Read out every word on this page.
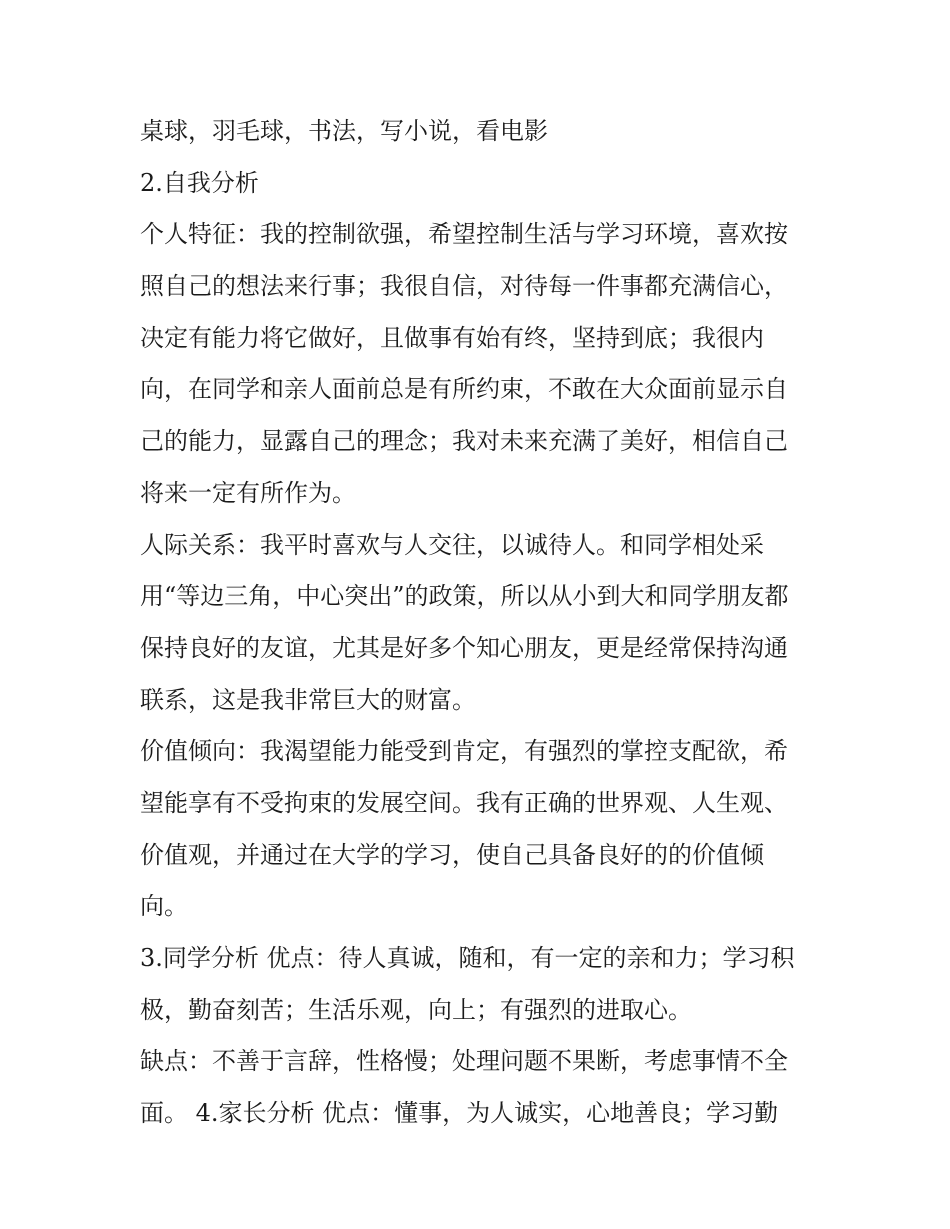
桌球，羽毛球，书法，写小说，看电影
2.自我分析
个人特征：我的控制欲强，希望控制生活与学习环境，喜欢按
照自己的想法来行事；我很自信，对待每一件事都充满信心，
决定有能力将它做好，且做事有始有终，坚持到底；我很内
向，在同学和亲人面前总是有所约束，不敢在大众面前显示自
己的能力，显露自己的理念；我对未来充满了美好，相信自己
将来一定有所作为。
人际关系：我平时喜欢与人交往，以诚待人。和同学相处采
用“等边三角，中心突出”的政策，所以从小到大和同学朋友都
保持良好的友谊，尤其是好多个知心朋友，更是经常保持沟通
联系，这是我非常巨大的财富。
价值倾向：我渴望能力能受到肯定，有强烈的掌控支配欲，希
望能享有不受拘束的发展空间。我有正确的世界观、人生观、
价值观，并通过在大学的学习，使自己具备良好的的价值倾
向。
3.同学分析 优点：待人真诚，随和，有一定的亲和力；学习积
极，勤奋刻苦；生活乐观，向上；有强烈的进取心。
缺点：不善于言辞，性格慢；处理问题不果断，考虑事情不全
面。 4.家长分析 优点：懂事，为人诚实，心地善良；学习勤
